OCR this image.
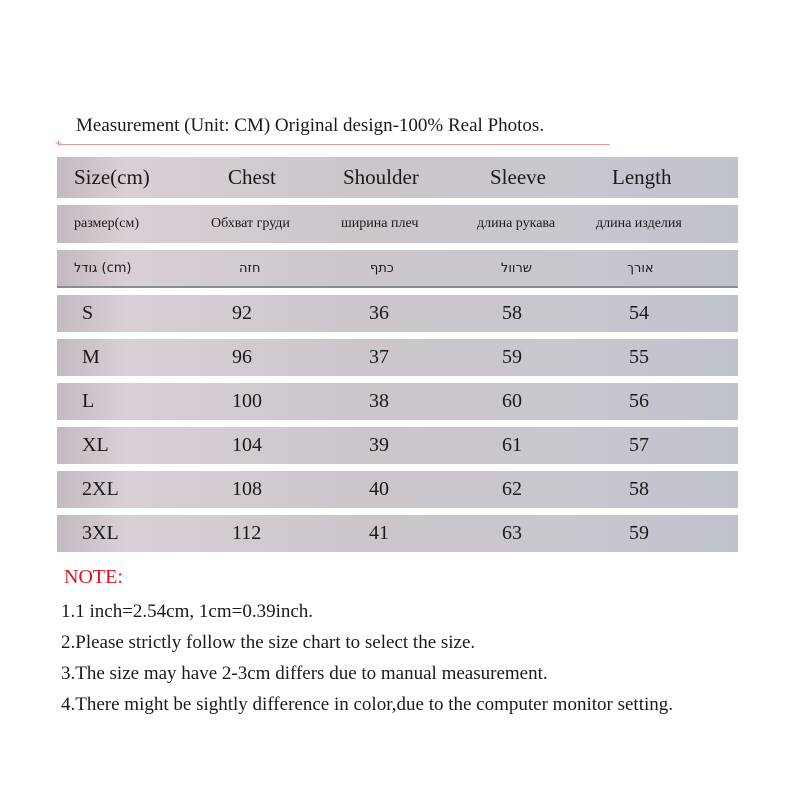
Measurement (Unit: CM) Original design-100% Real Photos.
+
Size(cm)	Chest	Shoulder	Sleeve	Length
размер(см)	Обхват груди	ширина плеч	длина рукава	длина изделия
גודל (cm)	חזה	כתף	שרוול	אורך
S	92	36	58	54
M	96	37	59	55
L	100	38	60	56
XL	104	39	61	57
2XL	108	40	62	58
3XL	112	41	63	59
NOTE:
1.1 inch=2.54cm, 1cm=0.39inch.
2.Please strictly follow the size chart to select the size.
3.The size may have 2-3cm differs due to manual measurement.
4.There might be sightly difference in color,due to the computer monitor setting.
